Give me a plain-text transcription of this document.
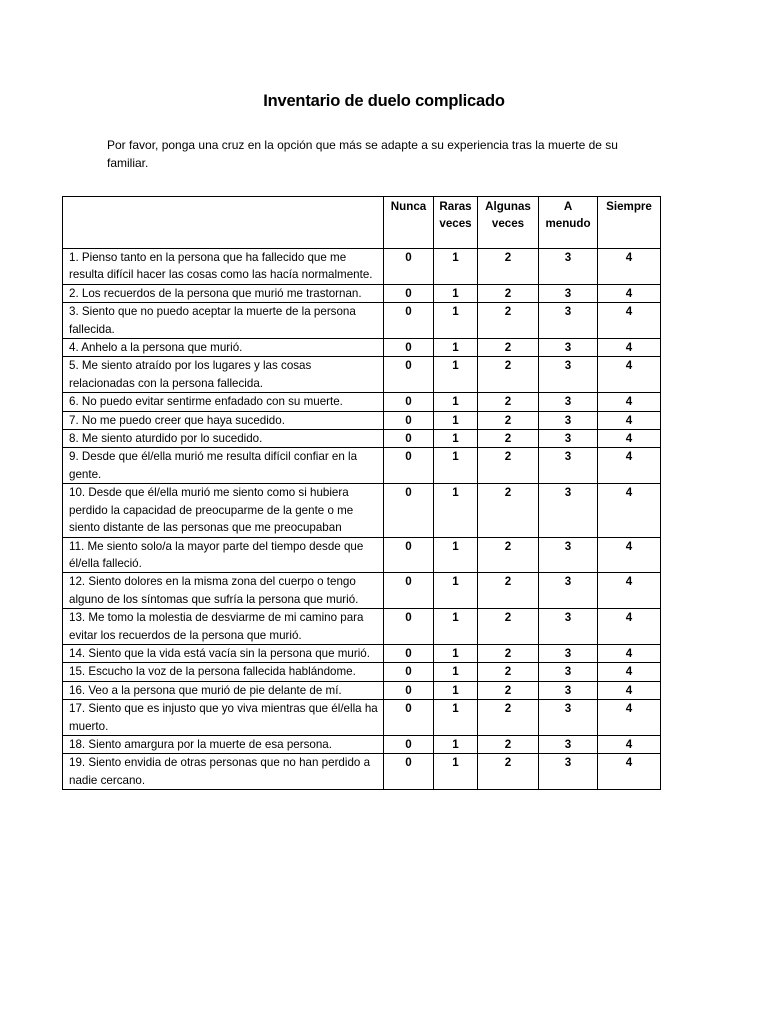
Inventario de duelo complicado

Por favor, ponga una cruz en la opción que más se adapte a su experiencia tras la muerte de su familiar.

	Nunca	Raras veces	Algunas veces	A menudo	Siempre
1. Pienso tanto en la persona que ha fallecido que me resulta difícil hacer las cosas como las hacía normalmente.	0	1	2	3	4
2. Los recuerdos de la persona que murió me trastornan.	0	1	2	3	4
3. Siento que no puedo aceptar la muerte de la persona fallecida.	0	1	2	3	4
4. Anhelo a la persona que murió.	0	1	2	3	4
5. Me siento atraído por los lugares y las cosas relacionadas con la persona fallecida.	0	1	2	3	4
6. No puedo evitar sentirme enfadado con su muerte.	0	1	2	3	4
7. No me puedo creer que haya sucedido.	0	1	2	3	4
8. Me siento aturdido por lo sucedido.	0	1	2	3	4
9. Desde que él/ella murió me resulta difícil confiar en la gente.	0	1	2	3	4
10. Desde que él/ella murió me siento como si hubiera perdido la capacidad de preocuparme de la gente o me siento distante de las personas que me preocupaban	0	1	2	3	4
11. Me siento solo/a la mayor parte del tiempo desde que él/ella falleció.	0	1	2	3	4
12. Siento dolores en la misma zona del cuerpo o tengo alguno de los síntomas que sufría la persona que murió.	0	1	2	3	4
13. Me tomo la molestia de desviarme de mi camino para evitar los recuerdos de la persona que murió.	0	1	2	3	4
14. Siento que la vida está vacía sin la persona que murió.	0	1	2	3	4
15. Escucho la voz de la persona fallecida hablándome.	0	1	2	3	4
16. Veo a la persona que murió de pie delante de mí.	0	1	2	3	4
17. Siento que es injusto que yo viva mientras que él/ella ha muerto.	0	1	2	3	4
18. Siento amargura por la muerte de esa persona.	0	1	2	3	4
19. Siento envidia de otras personas que no han perdido a nadie cercano.	0	1	2	3	4
